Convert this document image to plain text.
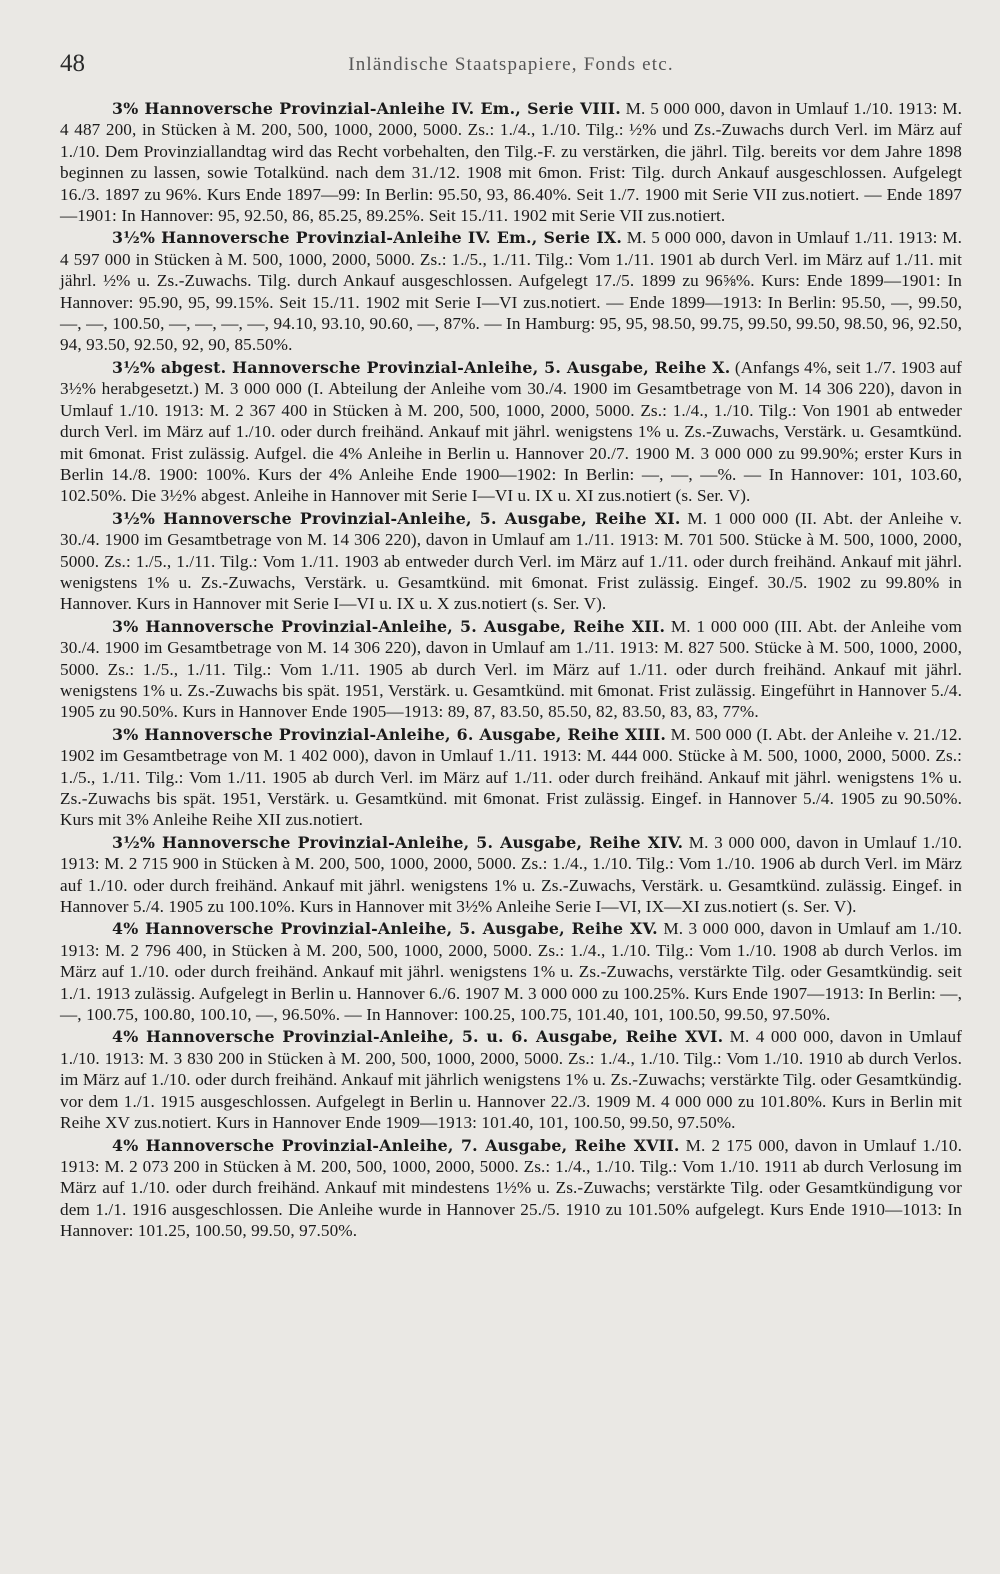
48	Inländische Staatspapiere, Fonds etc.

3% Hannoversche Provinzial-Anleihe IV. Em., Serie VIII. M. 5 000 000, davon in Umlauf 1./10. 1913: M. 4 487 200, in Stücken à M. 200, 500, 1000, 2000, 5000. Zs.: 1./4., 1./10. Tilg.: ½% und Zs.-Zuwachs durch Verl. im März auf 1./10. Dem Provinziallandtag wird das Recht vorbehalten, den Tilg.-F. zu verstärken, die jährl. Tilg. bereits vor dem Jahre 1898 beginnen zu lassen, sowie Totalkünd. nach dem 31./12. 1908 mit 6mon. Frist: Tilg. durch Ankauf ausgeschlossen. Aufgelegt 16./3. 1897 zu 96%. Kurs Ende 1897—99: In Berlin: 95.50, 93, 86.40%. Seit 1./7. 1900 mit Serie VII zus.notiert. — Ende 1897—1901: In Hannover: 95, 92.50, 86, 85.25, 89.25%. Seit 15./11. 1902 mit Serie VII zus.notiert.

3½% Hannoversche Provinzial-Anleihe IV. Em., Serie IX. M. 5 000 000, davon in Umlauf 1./11. 1913: M. 4 597 000 in Stücken à M. 500, 1000, 2000, 5000. Zs.: 1./5., 1./11. Tilg.: Vom 1./11. 1901 ab durch Verl. im März auf 1./11. mit jährl. ½% u. Zs.-Zuwachs. Tilg. durch Ankauf ausgeschlossen. Aufgelegt 17./5. 1899 zu 96⅝%. Kurs: Ende 1899—1901: In Hannover: 95.90, 95, 99.15%. Seit 15./11. 1902 mit Serie I—VI zus.notiert. — Ende 1899—1913: In Berlin: 95.50, —, 99.50, —, —, 100.50, —, —, —, —, 94.10, 93.10, 90.60, —, 87%. — In Hamburg: 95, 95, 98.50, 99.75, 99.50, 99.50, 98.50, 96, 92.50, 94, 93.50, 92.50, 92, 90, 85.50%.

3½% abgest. Hannoversche Provinzial-Anleihe, 5. Ausgabe, Reihe X. (Anfangs 4%, seit 1./7. 1903 auf 3½% herabgesetzt.) M. 3 000 000 (I. Abteilung der Anleihe vom 30./4. 1900 im Gesamtbetrage von M. 14 306 220), davon in Umlauf 1./10. 1913: M. 2 367 400 in Stücken à M. 200, 500, 1000, 2000, 5000. Zs.: 1./4., 1./10. Tilg.: Von 1901 ab entweder durch Verl. im März auf 1./10. oder durch freihänd. Ankauf mit jährl. wenigstens 1% u. Zs.-Zuwachs, Verstärk. u. Gesamtkünd. mit 6monat. Frist zulässig. Aufgel. die 4% Anleihe in Berlin u. Hannover 20./7. 1900 M. 3 000 000 zu 99.90%; erster Kurs in Berlin 14./8. 1900: 100%. Kurs der 4% Anleihe Ende 1900—1902: In Berlin: —, —, —%. — In Hannover: 101, 103.60, 102.50%. Die 3½% abgest. Anleihe in Hannover mit Serie I—VI u. IX u. XI zus.notiert (s. Ser. V).

3½% Hannoversche Provinzial-Anleihe, 5. Ausgabe, Reihe XI. M. 1 000 000 (II. Abt. der Anleihe v. 30./4. 1900 im Gesamtbetrage von M. 14 306 220), davon in Umlauf am 1./11. 1913: M. 701 500. Stücke à M. 500, 1000, 2000, 5000. Zs.: 1./5., 1./11. Tilg.: Vom 1./11. 1903 ab entweder durch Verl. im März auf 1./11. oder durch freihänd. Ankauf mit jährl. wenigstens 1% u. Zs.-Zuwachs, Verstärk. u. Gesamtkünd. mit 6monat. Frist zulässig. Eingef. 30./5. 1902 zu 99.80% in Hannover. Kurs in Hannover mit Serie I—VI u. IX u. X zus.notiert (s. Ser. V).

3% Hannoversche Provinzial-Anleihe, 5. Ausgabe, Reihe XII. M. 1 000 000 (III. Abt. der Anleihe vom 30./4. 1900 im Gesamtbetrage von M. 14 306 220), davon in Umlauf am 1./11. 1913: M. 827 500. Stücke à M. 500, 1000, 2000, 5000. Zs.: 1./5., 1./11. Tilg.: Vom 1./11. 1905 ab durch Verl. im März auf 1./11. oder durch freihänd. Ankauf mit jährl. wenigstens 1% u. Zs.-Zuwachs bis spät. 1951, Verstärk. u. Gesamtkünd. mit 6monat. Frist zulässig. Eingeführt in Hannover 5./4. 1905 zu 90.50%. Kurs in Hannover Ende 1905—1913: 89, 87, 83.50, 85.50, 82, 83.50, 83, 83, 77%.

3% Hannoversche Provinzial-Anleihe, 6. Ausgabe, Reihe XIII. M. 500 000 (I. Abt. der Anleihe v. 21./12. 1902 im Gesamtbetrage von M. 1 402 000), davon in Umlauf 1./11. 1913: M. 444 000. Stücke à M. 500, 1000, 2000, 5000. Zs.: 1./5., 1./11. Tilg.: Vom 1./11. 1905 ab durch Verl. im März auf 1./11. oder durch freihänd. Ankauf mit jährl. wenigstens 1% u. Zs.-Zuwachs bis spät. 1951, Verstärk. u. Gesamtkünd. mit 6monat. Frist zulässig. Eingef. in Hannover 5./4. 1905 zu 90.50%. Kurs mit 3% Anleihe Reihe XII zus.notiert.

3½% Hannoversche Provinzial-Anleihe, 5. Ausgabe, Reihe XIV. M. 3 000 000, davon in Umlauf 1./10. 1913: M. 2 715 900 in Stücken à M. 200, 500, 1000, 2000, 5000. Zs.: 1./4., 1./10. Tilg.: Vom 1./10. 1906 ab durch Verl. im März auf 1./10. oder durch freihänd. Ankauf mit jährl. wenigstens 1% u. Zs.-Zuwachs, Verstärk. u. Gesamtkünd. zulässig. Eingef. in Hannover 5./4. 1905 zu 100.10%. Kurs in Hannover mit 3½% Anleihe Serie I—VI, IX—XI zus.notiert (s. Ser. V).

4% Hannoversche Provinzial-Anleihe, 5. Ausgabe, Reihe XV. M. 3 000 000, davon in Umlauf am 1./10. 1913: M. 2 796 400, in Stücken à M. 200, 500, 1000, 2000, 5000. Zs.: 1./4., 1./10. Tilg.: Vom 1./10. 1908 ab durch Verlos. im März auf 1./10. oder durch freihänd. Ankauf mit jährl. wenigstens 1% u. Zs.-Zuwachs, verstärkte Tilg. oder Gesamtkündig. seit 1./1. 1913 zulässig. Aufgelegt in Berlin u. Hannover 6./6. 1907 M. 3 000 000 zu 100.25%. Kurs Ende 1907—1913: In Berlin: —, —, 100.75, 100.80, 100.10, —, 96.50%. — In Hannover: 100.25, 100.75, 101.40, 101, 100.50, 99.50, 97.50%.

4% Hannoversche Provinzial-Anleihe, 5. u. 6. Ausgabe, Reihe XVI. M. 4 000 000, davon in Umlauf 1./10. 1913: M. 3 830 200 in Stücken à M. 200, 500, 1000, 2000, 5000. Zs.: 1./4., 1./10. Tilg.: Vom 1./10. 1910 ab durch Verlos. im März auf 1./10. oder durch freihänd. Ankauf mit jährlich wenigstens 1% u. Zs.-Zuwachs; verstärkte Tilg. oder Gesamtkündig. vor dem 1./1. 1915 ausgeschlossen. Aufgelegt in Berlin u. Hannover 22./3. 1909 M. 4 000 000 zu 101.80%. Kurs in Berlin mit Reihe XV zus.notiert. Kurs in Hannover Ende 1909—1913: 101.40, 101, 100.50, 99.50, 97.50%.

4% Hannoversche Provinzial-Anleihe, 7. Ausgabe, Reihe XVII. M. 2 175 000, davon in Umlauf 1./10. 1913: M. 2 073 200 in Stücken à M. 200, 500, 1000, 2000, 5000. Zs.: 1./4., 1./10. Tilg.: Vom 1./10. 1911 ab durch Verlosung im März auf 1./10. oder durch freihänd. Ankauf mit mindestens 1½% u. Zs.-Zuwachs; verstärkte Tilg. oder Gesamtkündigung vor dem 1./1. 1916 ausgeschlossen. Die Anleihe wurde in Hannover 25./5. 1910 zu 101.50% aufgelegt. Kurs Ende 1910—1013: In Hannover: 101.25, 100.50, 99.50, 97.50%.
